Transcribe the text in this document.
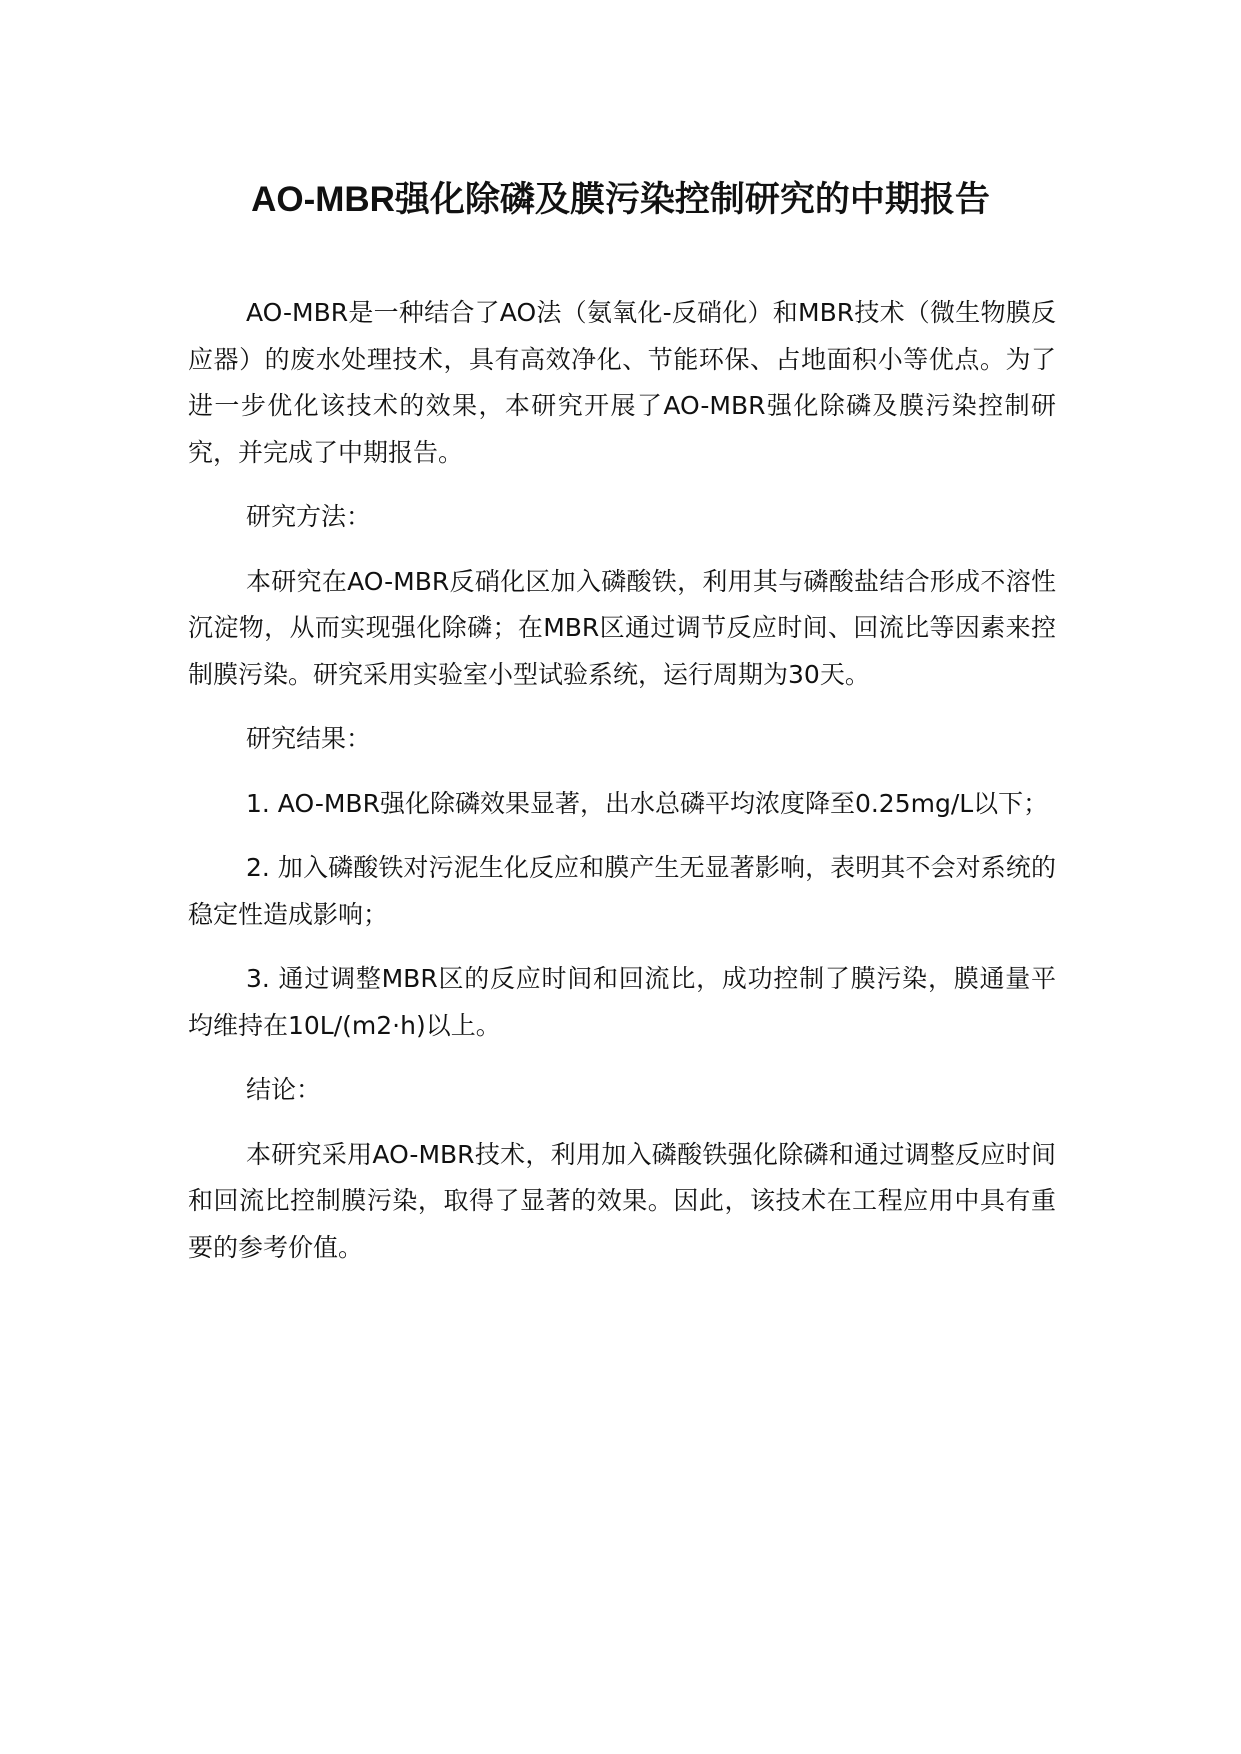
AO-MBR强化除磷及膜污染控制研究的中期报告

AO-MBR是一种结合了AO法（氨氧化-反硝化）和MBR技术（微生物膜反应器）的废水处理技术，具有高效净化、节能环保、占地面积小等优点。为了进一步优化该技术的效果，本研究开展了AO-MBR强化除磷及膜污染控制研究，并完成了中期报告。

研究方法：

本研究在AO-MBR反硝化区加入磷酸铁，利用其与磷酸盐结合形成不溶性沉淀物，从而实现强化除磷；在MBR区通过调节反应时间、回流比等因素来控制膜污染。研究采用实验室小型试验系统，运行周期为30天。

研究结果：

1. AO-MBR强化除磷效果显著，出水总磷平均浓度降至0.25mg/L以下；

2. 加入磷酸铁对污泥生化反应和膜产生无显著影响，表明其不会对系统的稳定性造成影响；

3. 通过调整MBR区的反应时间和回流比，成功控制了膜污染，膜通量平均维持在10L/(m2·h)以上。

结论：

本研究采用AO-MBR技术，利用加入磷酸铁强化除磷和通过调整反应时间和回流比控制膜污染，取得了显著的效果。因此，该技术在工程应用中具有重要的参考价值。
